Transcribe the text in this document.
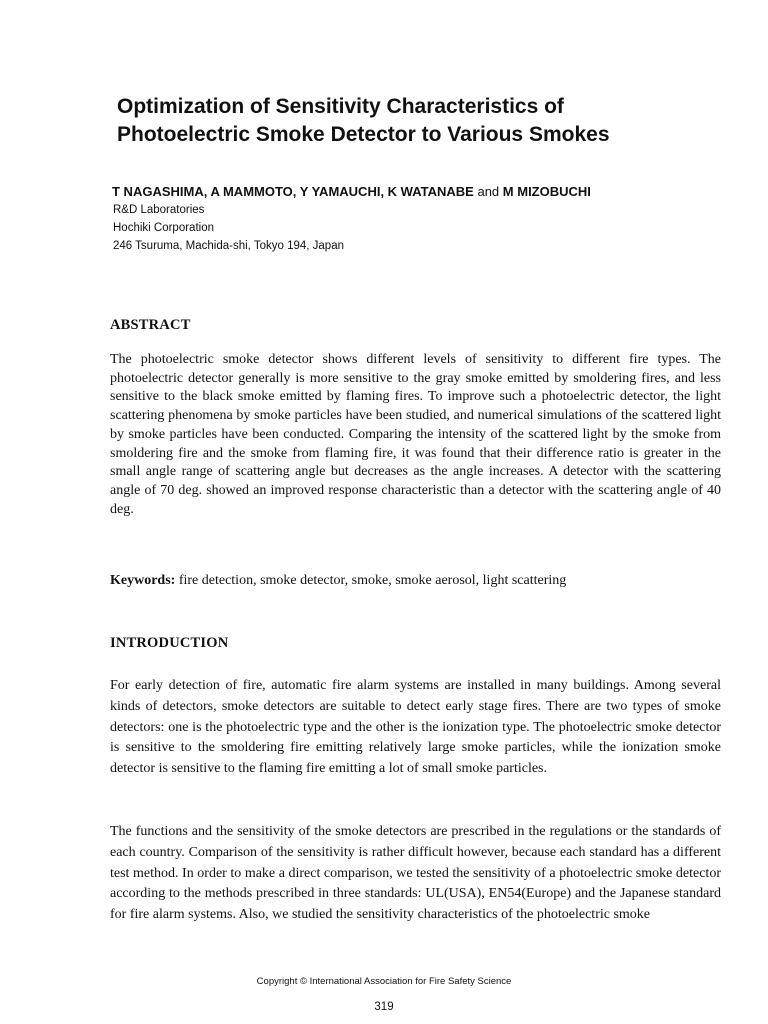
Optimization of Sensitivity Characteristics of
Photoelectric Smoke Detector to Various Smokes
T NAGASHIMA, A MAMMOTO, Y YAMAUCHI, K WATANABE and M MIZOBUCHI
R&D Laboratories
Hochiki Corporation
246 Tsuruma, Machida-shi, Tokyo 194, Japan
ABSTRACT
The photoelectric smoke detector shows different levels of sensitivity to different fire types. The photoelectric detector generally is more sensitive to the gray smoke emitted by smoldering fires, and less sensitive to the black smoke emitted by flaming fires. To improve such a photoelectric detector, the light scattering phenomena by smoke particles have been studied, and numerical simulations of the scattered light by smoke particles have been conducted. Comparing the intensity of the scattered light by the smoke from smoldering fire and the smoke from flaming fire, it was found that their difference ratio is greater in the small angle range of scattering angle but decreases as the angle increases. A detector with the scattering angle of 70 deg. showed an improved response characteristic than a detector with the scattering angle of 40 deg.
Keywords: fire detection, smoke detector, smoke, smoke aerosol, light scattering
INTRODUCTION
For early detection of fire, automatic fire alarm systems are installed in many buildings. Among several kinds of detectors, smoke detectors are suitable to detect early stage fires. There are two types of smoke detectors: one is the photoelectric type and the other is the ionization type. The photoelectric smoke detector is sensitive to the smoldering fire emitting relatively large smoke particles, while the ionization smoke detector is sensitive to the flaming fire emitting a lot of small smoke particles.
The functions and the sensitivity of the smoke detectors are prescribed in the regulations or the standards of each country. Comparison of the sensitivity is rather difficult however, because each standard has a different test method. In order to make a direct comparison, we tested the sensitivity of a photoelectric smoke detector according to the methods prescribed in three standards: UL(USA), EN54(Europe) and the Japanese standard for fire alarm systems. Also, we studied the sensitivity characteristics of the photoelectric smoke
Copyright © International Association for Fire Safety Science
319
